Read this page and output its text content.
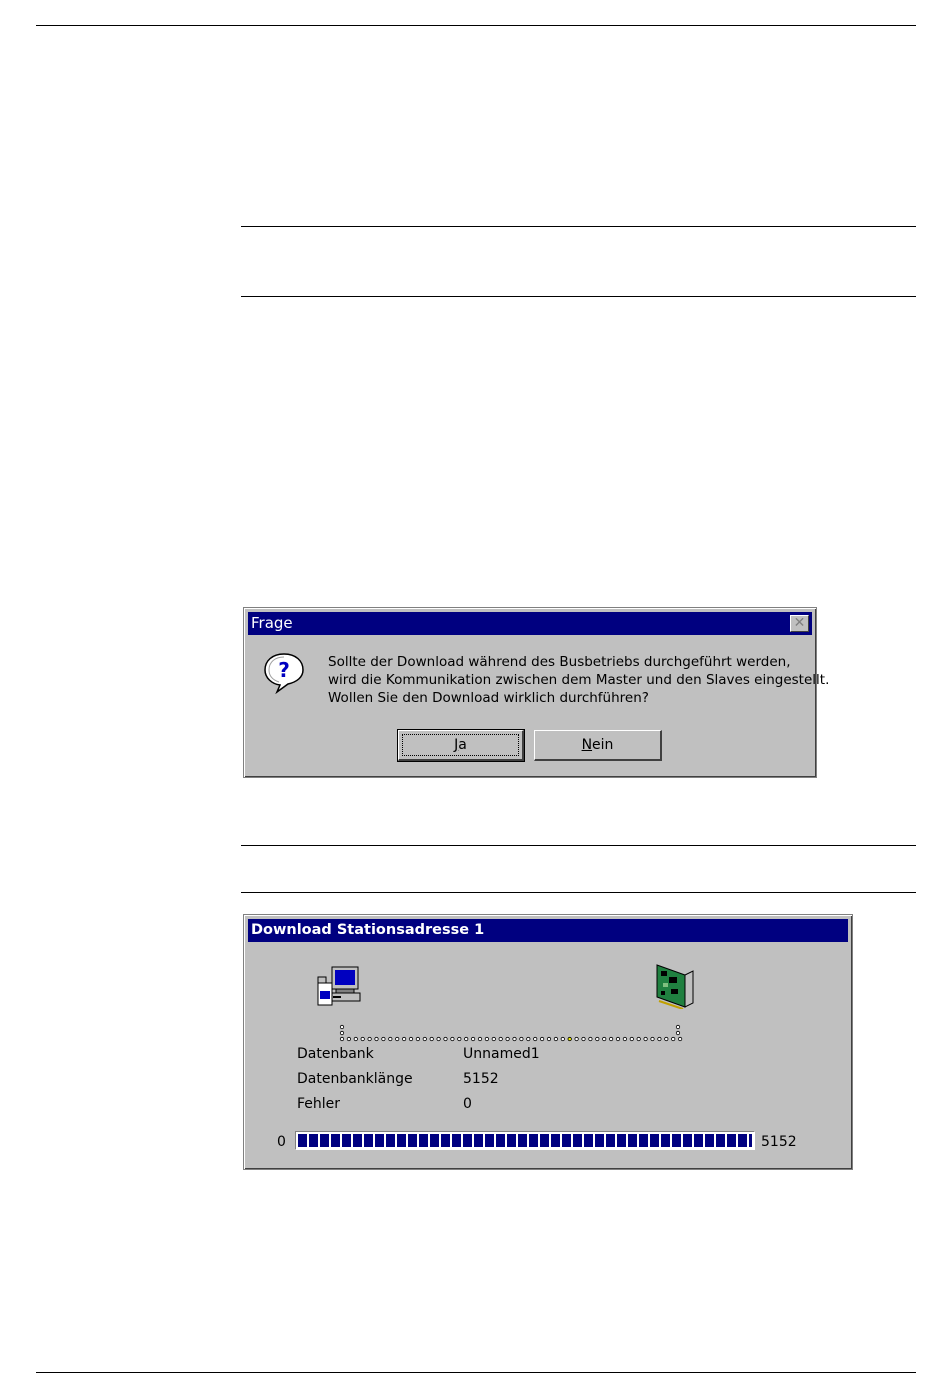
Frage	✕
?	Sollte der Download während des Busbetriebs durchgeführt werden,
wird die Kommunikation zwischen dem Master und den Slaves eingestellt.
Wollen Sie den Download wirklich durchführen?
Ja	Nein
Download Stationsadresse 1
Datenbank	Unnamed1
Datenbanklänge	5152
Fehler	0
0	5152
